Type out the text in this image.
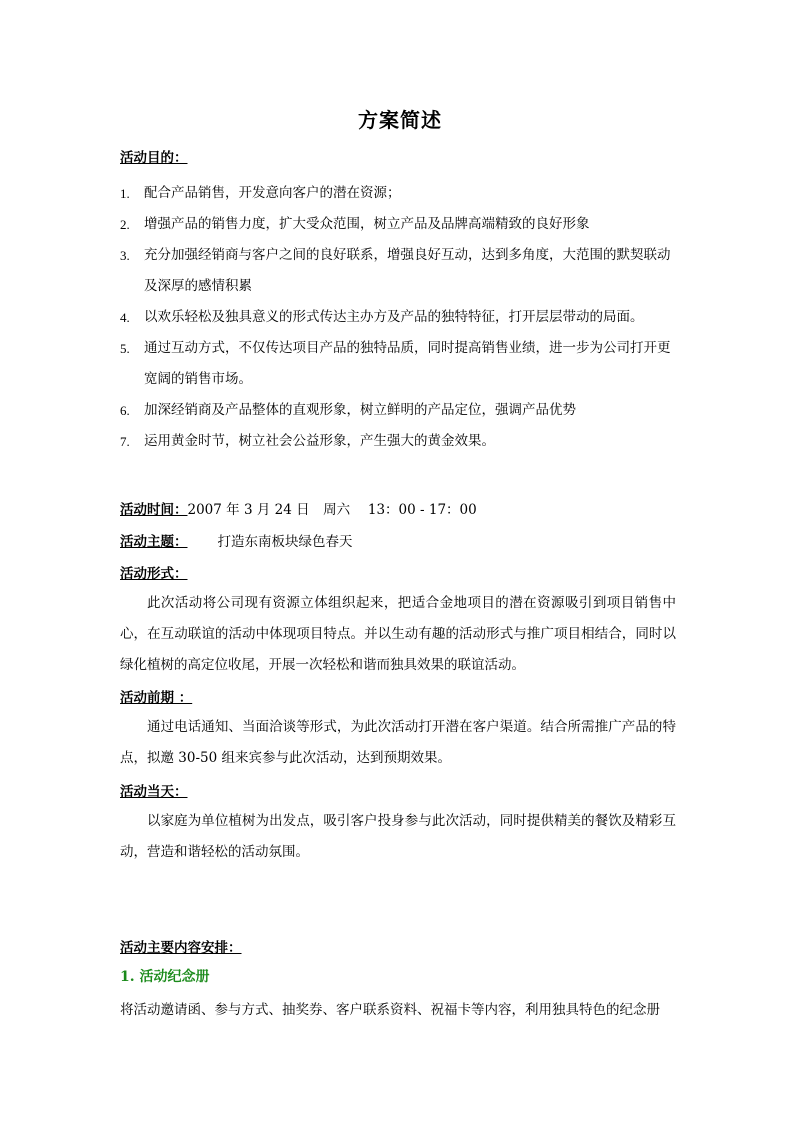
方案简述
活动目的：
1. 配合产品销售，开发意向客户的潜在资源；
2. 增强产品的销售力度，扩大受众范围，树立产品及品牌高端精致的良好形象
3. 充分加强经销商与客户之间的良好联系，增强良好互动，达到多角度，大范围的默契联动及深厚的感情积累
4. 以欢乐轻松及独具意义的形式传达主办方及产品的独特特征，打开层层带动的局面。
5. 通过互动方式，不仅传达项目产品的独特品质，同时提高销售业绩，进一步为公司打开更宽阔的销售市场。
6. 加深经销商及产品整体的直观形象，树立鲜明的产品定位，强调产品优势
7. 运用黄金时节，树立社会公益形象，产生强大的黄金效果。
活动时间：2007 年 3 月 24 日　周六　 13：00 - 17：00
活动主题： 打造东南板块绿色春天
活动形式：
此次活动将公司现有资源立体组织起来，把适合金地项目的潜在资源吸引到项目销售中心，在互动联谊的活动中体现项目特点。并以生动有趣的活动形式与推广项目相结合，同时以绿化植树的高定位收尾，开展一次轻松和谐而独具效果的联谊活动。
活动前期 ：
通过电话通知、当面洽谈等形式，为此次活动打开潜在客户渠道。结合所需推广产品的特点，拟邀 30-50 组来宾参与此次活动，达到预期效果。
活动当天：
以家庭为单位植树为出发点，吸引客户投身参与此次活动，同时提供精美的餐饮及精彩互动，营造和谐轻松的活动氛围。
活动主要内容安排：
1. 活动纪念册
将活动邀请函、参与方式、抽奖券、客户联系资料、祝福卡等内容，利用独具特色的纪念册
